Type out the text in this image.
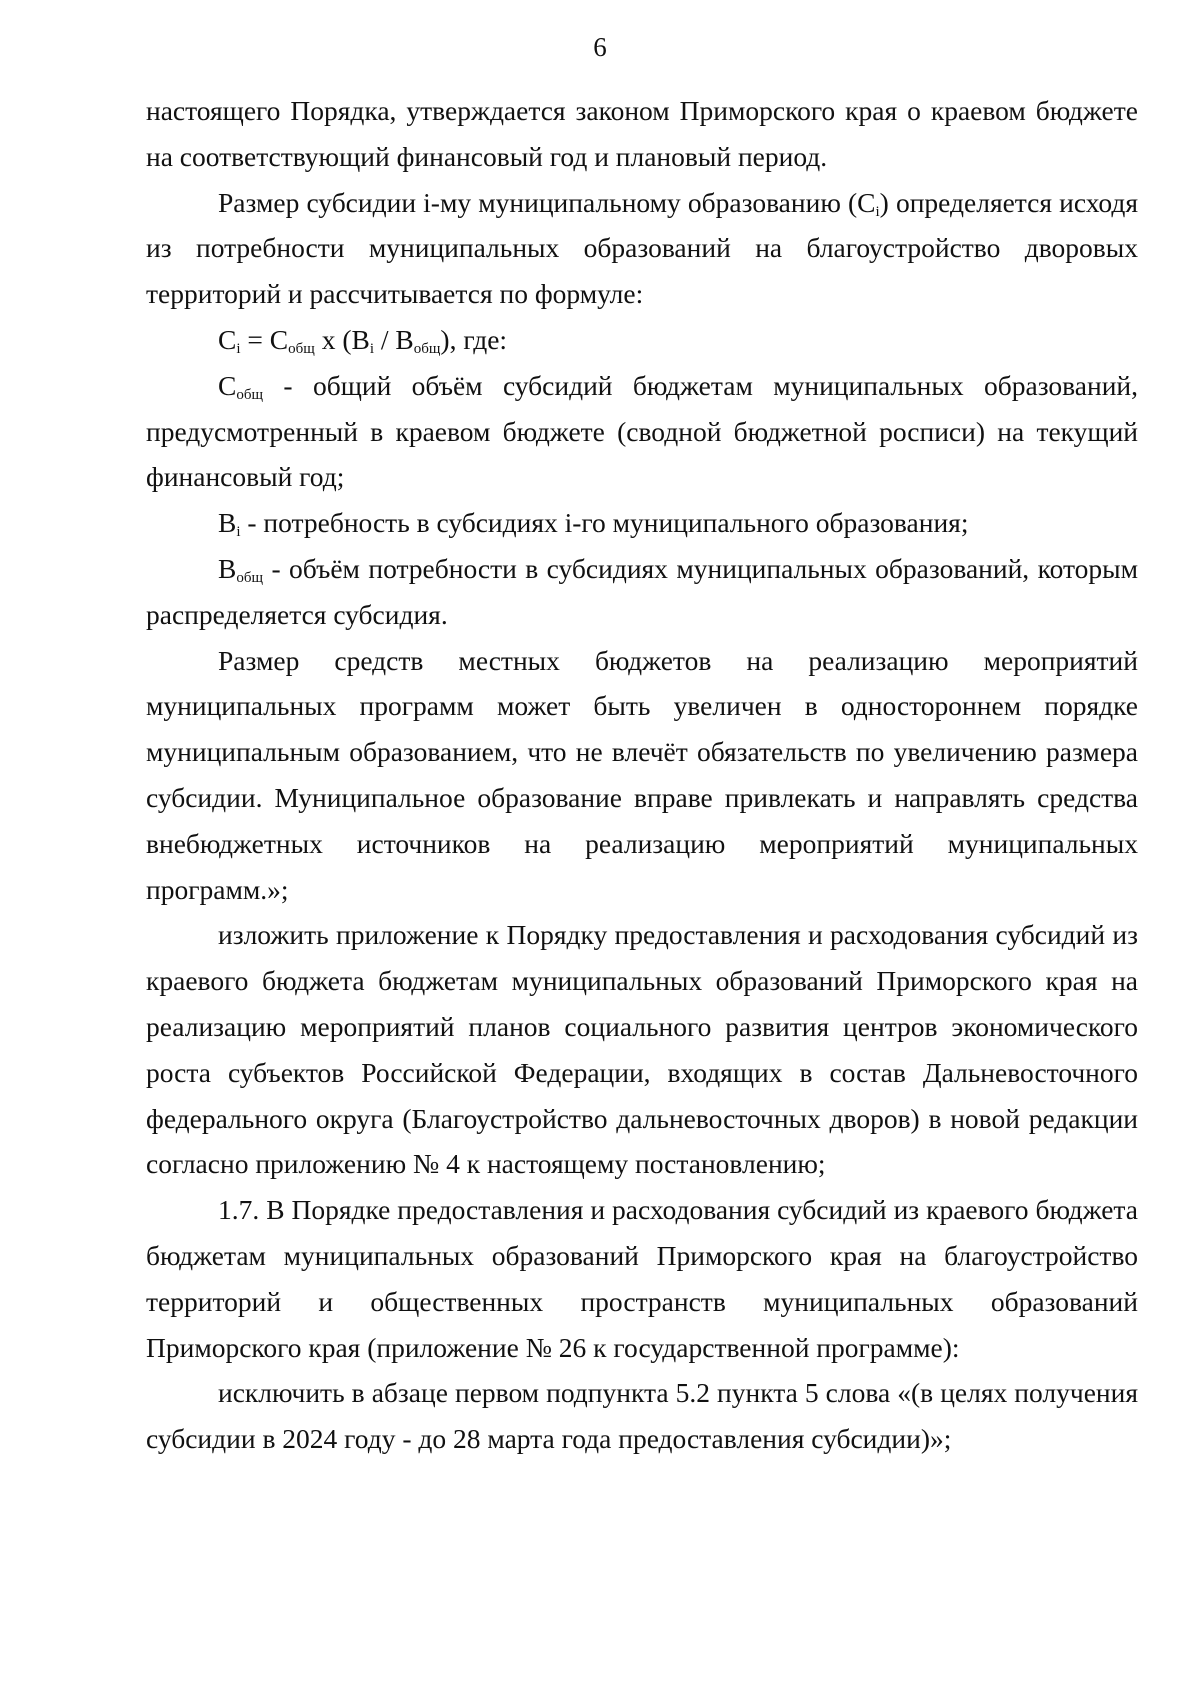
6

настоящего Порядка, утверждается законом Приморского края о краевом бюджете на соответствующий финансовый год и плановый период.

Размер субсидии i-му муниципальному образованию $(C_i)$ определяется исходя из потребности муниципальных образований на благоустройство дворовых территорий и рассчитывается по формуле:

$C_i = C_{общ}$ x $(B_i / B_{общ})$, где:

$C_{общ}$ - общий объём субсидий бюджетам муниципальных образований, предусмотренный в краевом бюджете (сводной бюджетной росписи) на текущий финансовый год;

$B_i$ - потребность в субсидиях i-го муниципального образования;

$B_{общ}$ - объём потребности в субсидиях муниципальных образований, которым распределяется субсидия.

Размер средств местных бюджетов на реализацию мероприятий муниципальных программ может быть увеличен в одностороннем порядке муниципальным образованием, что не влечёт обязательств по увеличению размера субсидии. Муниципальное образование вправе привлекать и направлять средства внебюджетных источников на реализацию мероприятий муниципальных программ.»;

изложить приложение к Порядку предоставления и расходования субсидий из краевого бюджета бюджетам муниципальных образований Приморского края на реализацию мероприятий планов социального развития центров экономического роста субъектов Российской Федерации, входящих в состав Дальневосточного федерального округа (Благоустройство дальневосточных дворов) в новой редакции согласно приложению № 4 к настоящему постановлению;

1.7. В Порядке предоставления и расходования субсидий из краевого бюджета бюджетам муниципальных образований Приморского края на благоустройство территорий и общественных пространств муниципальных образований Приморского края (приложение № 26 к государственной программе):

исключить в абзаце первом подпункта 5.2 пункта 5 слова «(в целях получения субсидии в 2024 году - до 28 марта года предоставления субсидии)»;
